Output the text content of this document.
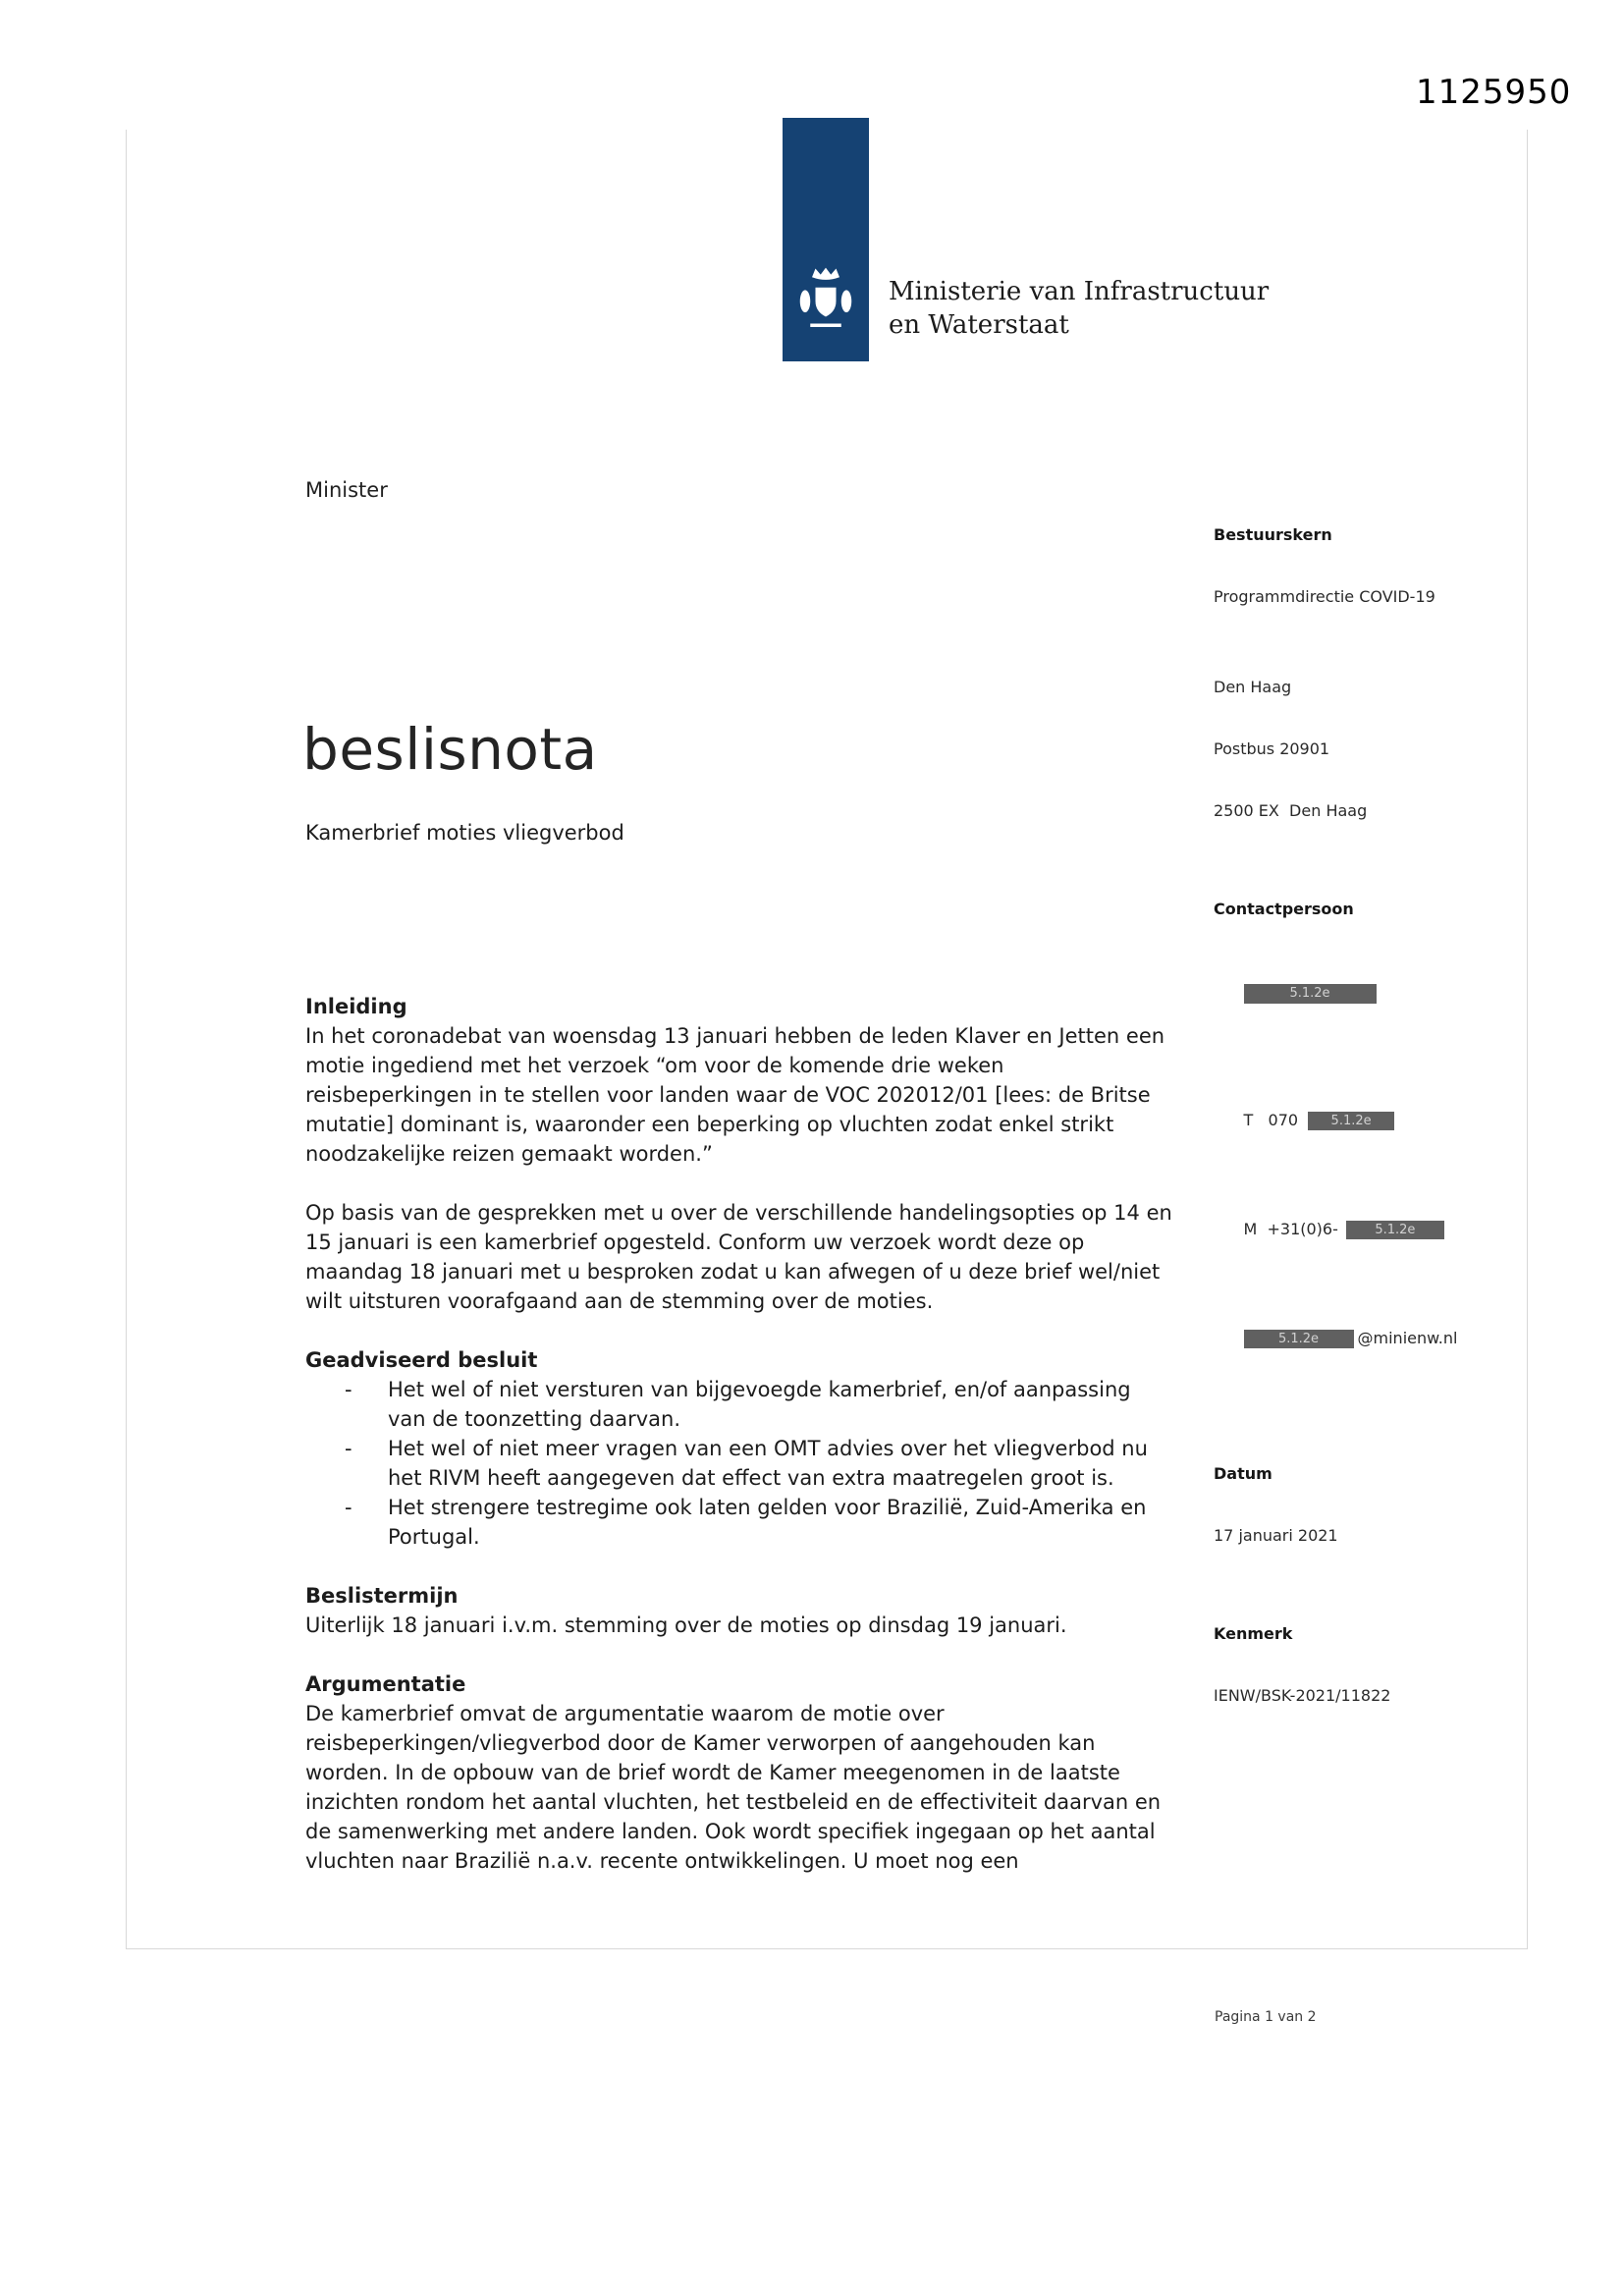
1125950
Ministerie van Infrastructuur
en Waterstaat
Minister

Bestuurskern

Programmdirectie COVID-19

Den Haag

Postbus 20901

2500 EX  Den Haag

Contactpersoon

5.1.2e

T   070	5.1.2e

M  +31(0)6-	5.1.2e

5.1.2e @minienw.nl

Datum

17 januari 2021

Kenmerk

IENW/BSK-2021/11822

beslisnota
Kamerbrief moties vliegverbod
Inleiding

In het coronadebat van woensdag 13 januari hebben de leden Klaver en Jetten een motie ingediend met het verzoek “om voor de komende drie weken reisbeperkingen in te stellen voor landen waar de VOC 202012/01 [lees: de Britse mutatie] dominant is, waaronder een beperking op vluchten zodat enkel strikt noodzakelijke reizen gemaakt worden.”

Op basis van de gesprekken met u over de verschillende handelingsopties op 14 en 15 januari is een kamerbrief opgesteld. Conform uw verzoek wordt deze op maandag 18 januari met u besproken zodat u kan afwegen of u deze brief wel/niet wilt uitsturen voorafgaand aan de stemming over de moties.

Geadviseerd besluit
- Het wel of niet versturen van bijgevoegde kamerbrief, en/of aanpassing van de toonzetting daarvan.
- Het wel of niet meer vragen van een OMT advies over het vliegverbod nu het RIVM heeft aangegeven dat effect van extra maatregelen groot is.
- Het strengere testregime ook laten gelden voor Brazilië, Zuid-Amerika en Portugal.
Beslistermijn

Uiterlijk 18 januari i.v.m. stemming over de moties op dinsdag 19 januari.

Argumentatie

De kamerbrief omvat de argumentatie waarom de motie over reisbeperkingen/vliegverbod door de Kamer verworpen of aangehouden kan worden. In de opbouw van de brief wordt de Kamer meegenomen in de laatste inzichten rondom het aantal vluchten, het testbeleid en de effectiviteit daarvan en de samenwerking met andere landen. Ook wordt specifiek ingegaan op het aantal vluchten naar Brazilië n.a.v. recente ontwikkelingen. U moet nog een

Pagina 1 van 2
